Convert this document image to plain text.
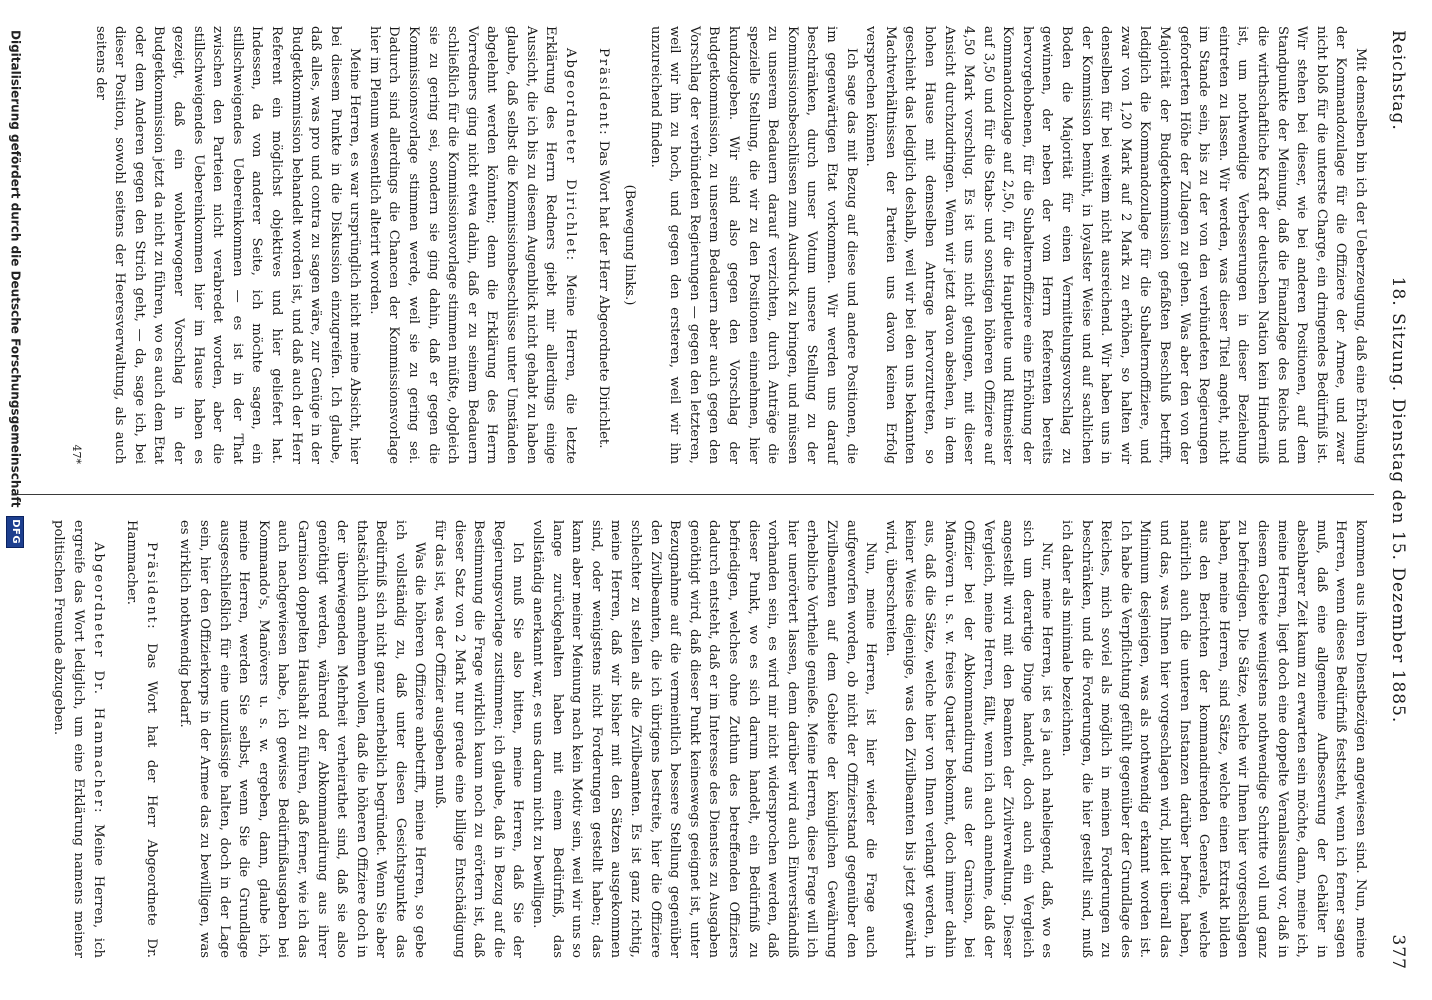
Reichstag.
18. Sitzung. Dienstag den 15. Dezember 1885.
377

Mit demselben bin ich der Ueberzeugung, daß eine Erhöhung der Kommandozulage für die Offiziere der Armee, und zwar nicht bloß für die unterste Charge, ein dringendes Bedürfniß ist. Wir stehen bei dieser, wie bei anderen Positionen, auf dem Standpunkte der Meinung, daß die Finanzlage des Reichs und die wirthschaftliche Kraft der deutschen Nation kein Hinderniß ist, um nothwendige Verbesserungen in dieser Beziehung eintreten zu lassen. Wir werden, was dieser Titel angeht, nicht im Stande sein, bis zu der von den verbündeten Regierungen geforderten Höhe der Zulagen zu gehen. Was aber den von der Majorität der Budgetkommission gefaßten Beschluß betrifft, lediglich die Kommandozulage für die Subalternoffiziere, und zwar von 1,20 Mark auf 2 Mark zu erhöhen, so halten wir denselben für bei weitem nicht ausreichend. Wir haben uns in der Kommission bemüht, in loyalster Weise und auf sachlichen Boden die Majorität für einen Vermittelungsvorschlag zu gewinnen, der neben der vom Herrn Referenten bereits hervorgehobenen, für die Subalternoffiziere eine Erhöhung der Kommandozulage auf 2,50, für die Hauptleute und Rittmeister auf 3,50 und für die Stabs- und sonstigen höheren Offiziere auf 4,50 Mark vorschlug. Es ist uns nicht gelungen, mit dieser Ansicht durchzudringen. Wenn wir jetzt davon absehen, in dem hohen Hause mit demselben Antrage hervorzutreten, so geschieht das lediglich deshalb, weil wir bei den uns bekannten Machtverhältnissen der Parteien uns davon keinen Erfolg versprechen können.

Ich sage das mit Bezug auf diese und andere Positionen, die im gegenwärtigen Etat vorkommen. Wir werden uns darauf beschränken, durch unser Votum unsere Stellung zu der Kommissionsbeschlüssen zum Ausdruck zu bringen, und müssen zu unserem Bedauern darauf verzichten, durch Anträge die spezielle Stellung, die wir zu den Positionen einnehmen, hier kundzugeben. Wir sind also gegen den Vorschlag der Budgetkommission, zu unserem Bedauern aber auch gegen den Vorschlag der verbündeten Regierungen — gegen den letzteren, weil wir ihn zu hoch, und gegen den ersteren, weil wir ihn unzureichend finden.

(Bewegung links.)

Präsident: Das Wort hat der Herr Abgeordnete Dirichlet.

Abgeordneter Dirichlet: Meine Herren, die letzte Erklärung des Herrn Redners giebt mir allerdings einige Aussicht, die ich bis zu diesem Augenblick nicht gehabt zu haben glaube, daß selbst die Kommissionsbeschlüsse unter Umständen abgelehnt werden könnten; denn die Erklärung des Herrn Vorredners ging nicht etwa dahin, daß er zu seinem Bedauern schließlich für die Kommissionsvorlage stimmen müßte, obgleich sie zu gering sei, sondern sie ging dahin, daß er gegen die Kommissionsvorlage stimmen werde, weil sie zu gering sei. Dadurch sind allerdings die Chancen der Kommissionsvorlage hier im Plenum wesentlich alterirt worden.

Meine Herren, es war ursprünglich nicht meine Absicht, hier bei diesem Punkte in die Diskussion einzugreifen. Ich glaube, daß alles, was pro und contra zu sagen wäre, zur Genüge in der Budgetkommission behandelt worden ist, und daß auch der Herr Referent ein möglichst objektives und hier geliefert hat. Indessen, da von anderer Seite, ich möchte sagen, ein stillschweigendes Uebereinkommen — es ist in der That zwischen den Parteien nicht verabredet worden, aber die stillschweigendes Uebereinkommen hier im Hause haben es gezeigt, daß ein wohlerwogener Vorschlag in der Budgetkommission jetzt da nicht zu führen, wo es auch dem Etat oder dem Anderen gegen den Strich geht, — da, sage ich, bei dieser Position, sowohl seitens der Heeresverwaltung, als auch seitens der

47*

kommen aus ihren Dienstbezügen angewiesen sind. Nun, meine Herren, wenn dieses Bedürfniß feststeht, wenn ich ferner sagen muß, daß eine allgemeine Aufbesserung der Gehälter in absehbarer Zeit kaum zu erwarten sein möchte, dann, meine ich, meine Herren, liegt doch eine doppelte Veranlassung vor, daß in diesem Gebiete wenigstens nothwendige Schritte voll und ganz zu befriedigen. Die Sätze, welche wir Ihnen hier vorgeschlagen haben, meine Herren, sind Sätze, welche einen Extrakt bilden aus den Berichten der kommandirenden Generale, welche natürlich auch die unteren Instanzen darüber befragt haben, und das, was Ihnen hier vorgeschlagen wird, bildet überall das Minimum desjenigen, was als nothwendig erkannt worden ist. Ich habe die Verpflichtung gefühlt gegenüber der Grundlage des Reiches, mich soviel als möglich in meinen Forderungen zu beschränken, und die Forderungen, die hier gestellt sind, muß ich daher als minimale bezeichnen.

Nur, meine Herren, ist es ja auch naheliegend, daß, wo es sich um derartige Dinge handelt, doch auch ein Vergleich angestellt wird mit den Beamten der Zivilverwaltung. Dieser Vergleich, meine Herren, fällt, wenn ich auch annehme, daß der Offizier bei der Abkommandirung aus der Garnison, bei Manövern u. s. w. freies Quartier bekommt, doch immer dahin aus, daß die Sätze, welche hier von Ihnen verlangt werden, in keiner Weise diejenige, was den Zivilbeamten bis jetzt gewährt wird, überschreiten.

Nun, meine Herren, ist hier wieder die Frage auch aufgeworfen worden, ob nicht der Offizierstand gegenüber den Zivilbeamten auf dem Gebiete der königlichen Gewährung erhebliche Vortheile genieße. Meine Herren, diese Frage will ich hier unerörtert lassen, denn darüber wird auch Einverständniß vorhanden sein, es wird mir nicht widersprochen werden, daß dieser Punkt, wo es sich darum handelt, ein Bedürfniß zu befriedigen, welches ohne Zuthun des betreffenden Offiziers dadurch entsteht, daß er im Interesse des Dienstes zu Ausgaben genöthigt wird, daß dieser Punkt keineswegs geeignet ist, unter Bezugnahme auf die vermeintlich bessere Stellung gegenüber den Zivilbeamten, die ich übrigens bestreite, hier die Offiziere schlechter zu stellen als die Zivilbeamten. Es ist ganz richtig, meine Herren, daß wir bisher mit den Sätzen ausgekommen sind, oder wenigstens nicht Forderungen gestellt haben; das kann aber meiner Meinung nach kein Motiv sein, weil wir uns so lange zurückgehalten haben mit einem Bedürfniß, das vollständig anerkannt war, es uns darum nicht zu bewilligen.

Ich muß Sie also bitten, meine Herren, daß Sie der Regierungsvorlage zustimmen; ich glaube, daß in Bezug auf die Bestimmung die Frage wirklich kaum noch zu erörtern ist, daß dieser Satz von 2 Mark nur gerade eine billige Entschädigung für das ist, was der Offizier ausgeben muß.

Was die höheren Offiziere anbetrifft, meine Herren, so gebe ich vollständig zu, daß unter diesen Gesichtspunkte das Bedürfniß sich nicht ganz unerheblich begründet. Wenn Sie aber thatsächlich annehmen wollen, daß die höheren Offiziere doch in der überwiegenden Mehrheit verheirathet sind, daß sie also genöthigt werden, während der Abkommandirung aus ihrer Garnison doppelten Haushalt zu führen, daß ferner, wie ich das auch nachgewiesen habe, ich gewisse Bedürfnißausgaben bei Kommando's, Manövers u. s. w. ergeben, dann, glaube ich, meine Herren, werden Sie selbst, wenn Sie die Grundlage ausgeschließlich für eine unzulässige halten, doch in der Lage sein, hier den Offizierkorps in der Armee das zu bewilligen, was es wirklich nothwendig bedarf.

Präsident: Das Wort hat der Herr Abgeordnete Dr. Hammacher.

Abgeordneter Dr. Hammacher: Meine Herren, ich ergreife das Wort lediglich, um eine Erklärung namens meiner politischen Freunde abzugeben.

Digitalisierung gefördert durch die Deutsche Forschungsgemeinschaft DFG
